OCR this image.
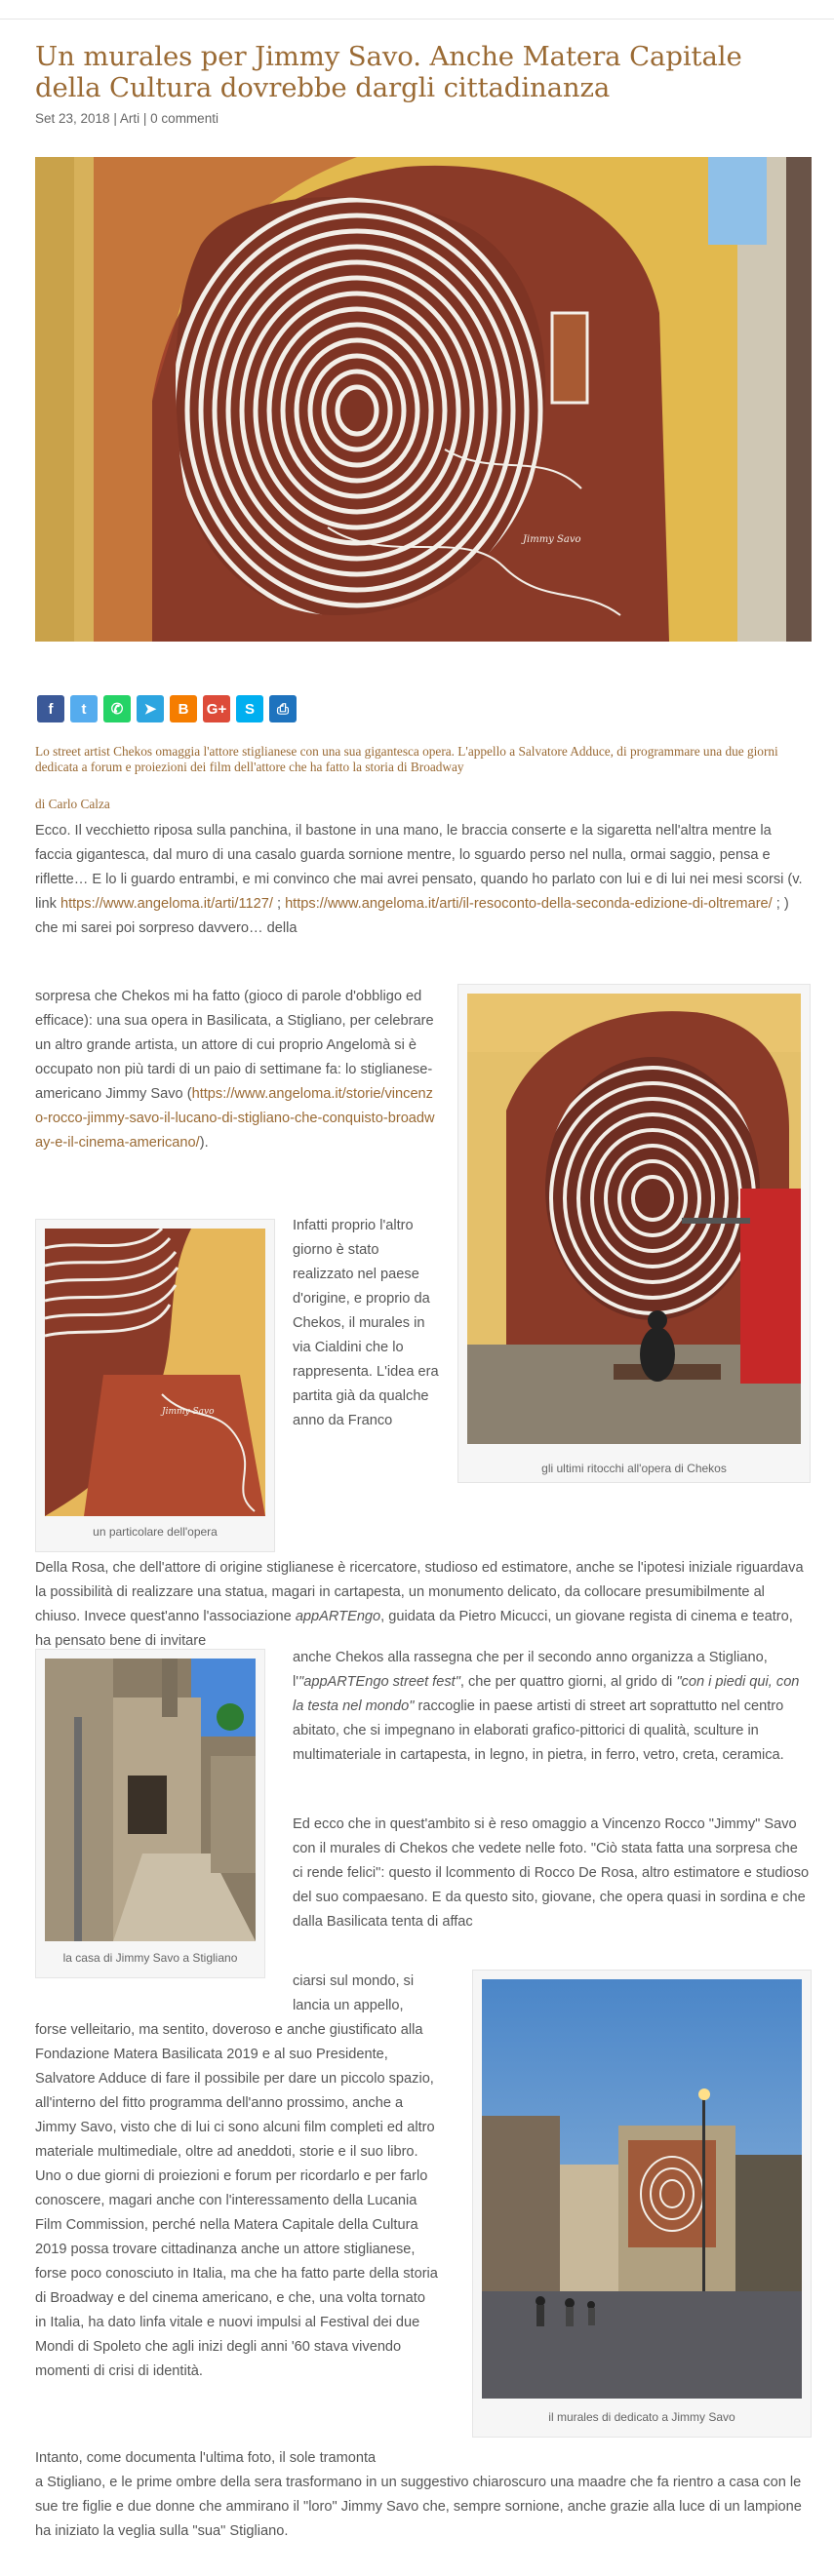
Un murales per Jimmy Savo. Anche Matera Capitale della Cultura dovrebbe dargli cittadinanza
Set 23, 2018 | Arti | 0 commenti
Jimmy Savo
f	t	✆	➤	B	G+	S	⎙
Lo street artist Chekos omaggia l'attore stiglianese con una sua gigantesca opera. L'appello a Salvatore Adduce, di programmare una due giorni dedicata a forum e proiezioni dei film dell'attore che ha fatto la storia di Broadway
di Carlo Calza
Ecco. Il vecchietto riposa sulla panchina, il bastone in una mano, le braccia conserte e la sigaretta nell'altra mentre la faccia gigantesca, dal muro di una casalo guarda sornione mentre, lo sguardo perso nel nulla, ormai saggio, pensa e riflette… E lo li guardo entrambi, e mi convinco che mai avrei pensato, quando ho parlato con lui e di lui nei mesi scorsi (v. link https://www.angeloma.it/arti/1127/ ; https://www.angeloma.it/arti/il-resoconto-della-seconda-edizione-di-oltremare/ ; ) che mi sarei poi sorpreso davvero… della
gli ultimi ritocchi all'opera di Chekos
sorpresa che Chekos mi ha fatto (gioco di parole d'obbligo ed efficace): una sua opera in Basilicata, a Stigliano, per celebrare un altro grande artista, un attore di cui proprio Angelomà si è occupato non più tardi di un paio di settimane fa: lo stiglianese-americano Jimmy Savo (https://www.angeloma.it/storie/vincenzo-rocco-jimmy-savo-il-lucano-di-stigliano-che-conquisto-broadway-e-il-cinema-americano/).
Jimmy Savo
un particolare dell'opera
Infatti proprio l'altro giorno è stato realizzato nel paese d'origine, e proprio da Chekos, il murales in via Cialdini che lo rappresenta. L'idea era partita già da qualche anno da Franco
Della Rosa, che dell'attore di origine stiglianese è ricercatore, studioso ed estimatore, anche se l'ipotesi iniziale riguardava la possibilità di realizzare una statua, magari in cartapesta, un monumento delicato, da collocare presumibilmente al chiuso. Invece quest'anno l'associazione appARTEngo, guidata da Pietro Micucci, un giovane regista di cinema e teatro, ha pensato bene di invitare
la casa di Jimmy Savo a Stigliano
anche Chekos alla rassegna che per il secondo anno organizza a Stigliano, l'"appARTEngo street fest", che per quattro giorni, al grido di "con i piedi qui, con la testa nel mondo" raccoglie in paese artisti di street art soprattutto nel centro abitato, che si impegnano in elaborati grafico-pittorici di qualità, sculture in multimateriale in cartapesta, in legno, in pietra, in ferro, vetro, creta, ceramica.
Ed ecco che in quest'ambito si è reso omaggio a Vincenzo Rocco "Jimmy" Savo con il murales di Chekos che vedete nelle foto. "Ciò stata fatta una sorpresa che ci rende felici": questo il lcommento di Rocco De Rosa, altro estimatore e studioso del suo compaesano. E da questo sito, giovane, che opera quasi in sordina e che dalla Basilicata tenta di affac
il murales di dedicato a Jimmy Savo
ciarsi sul mondo, si lancia un appello,
forse velleitario, ma sentito, doveroso e anche giustificato alla Fondazione Matera Basilicata 2019 e al suo Presidente, Salvatore Adduce di fare il possibile per dare un piccolo spazio, all'interno del fitto programma dell'anno prossimo, anche a Jimmy Savo, visto che di lui ci sono alcuni film completi ed altro materiale multimediale, oltre ad aneddoti, storie e il suo libro. Uno o due giorni di proiezioni e forum per ricordarlo e per farlo conoscere, magari anche con l'interessamento della Lucania Film Commission, perché nella Matera Capitale della Cultura 2019 possa trovare cittadinanza anche un attore stiglianese, forse poco conosciuto in Italia, ma che ha fatto parte della storia di Broadway e del cinema americano, e che, una volta tornato in Italia, ha dato linfa vitale e nuovi impulsi al Festival dei due Mondi di Spoleto che agli inizi degli anni '60 stava vivendo momenti di crisi di identità.
Intanto, come documenta l'ultima foto, il sole tramonta
a Stigliano, e le prime ombre della sera trasformano in un suggestivo chiaroscuro una maadre che fa rientro a casa con le sue tre figlie e due donne che ammirano il "loro" Jimmy Savo che, sempre sornione, anche grazie alla luce di un lampione ha iniziato la veglia sulla "sua" Stigliano.
